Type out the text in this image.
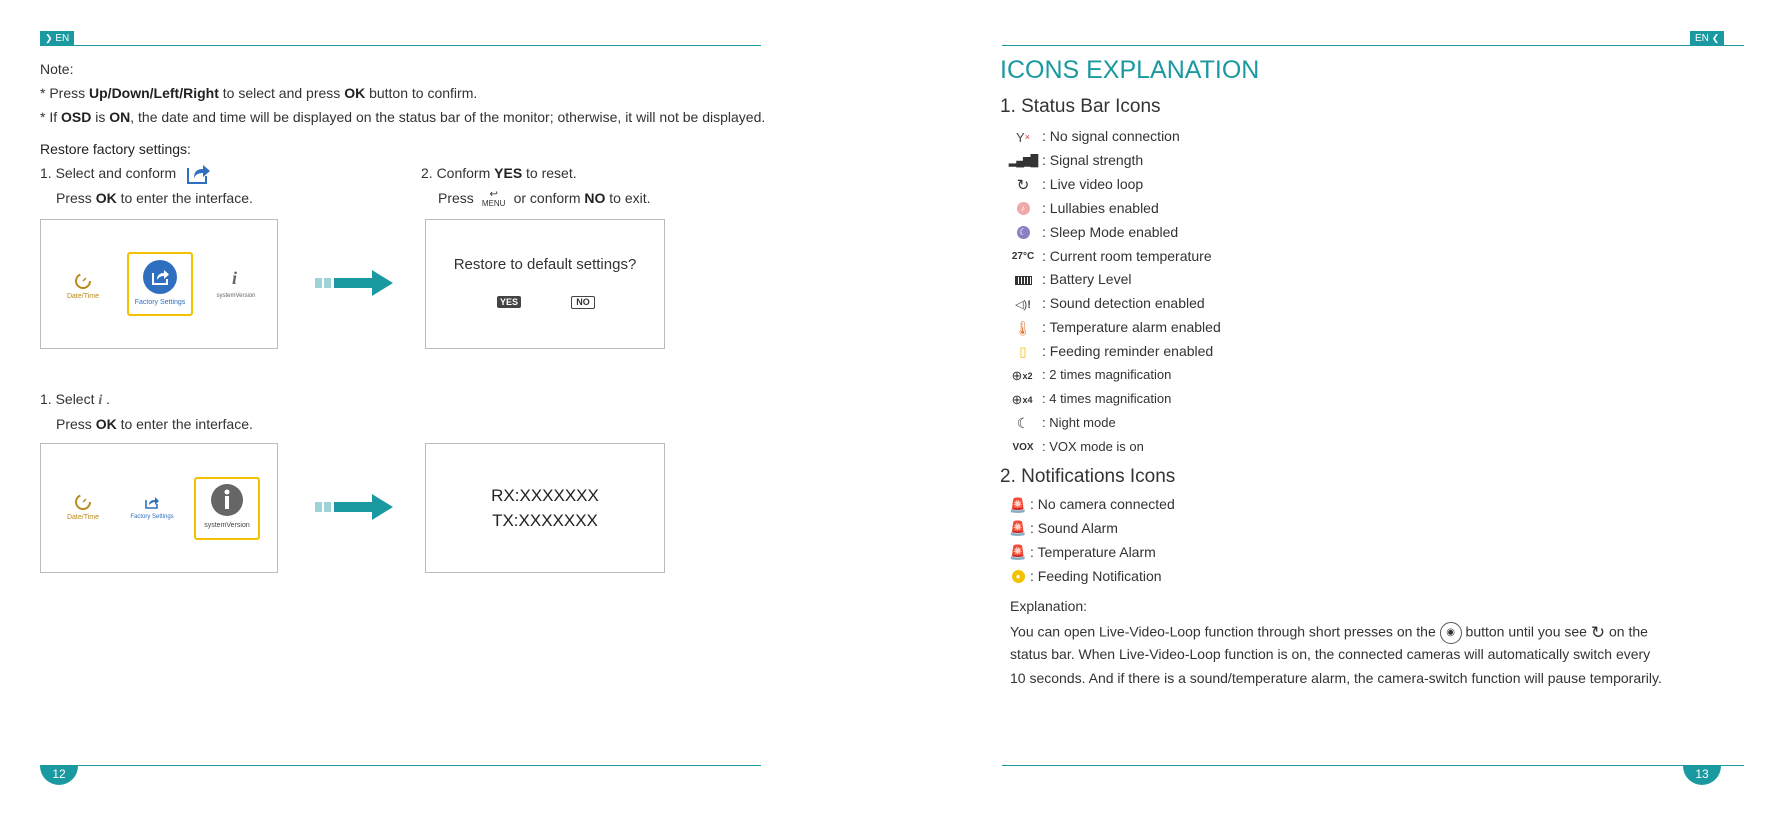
❯ EN
Note:
* Press Up/Down/Left/Right to select and press OK button to confirm.
* If OSD is ON, the date and time will be displayed on the status bar of the monitor; otherwise, it will not be displayed.
Restore factory settings:
1. Select and conform
Press OK to enter the interface.
2. Conform YES to reset.
Press	↩
MENU or conform NO to exit.
Date/Time
Factory Settings
i
systemVersion
Restore to default settings?
YES	NO
1. Select i .
Press OK to enter the interface.
Date/Time	Factory Settings
systemVersion
RX:XXXXXXX
TX:XXXXXXX
12
EN ❮
ICONS EXPLANATION
1. Status Bar Icons
Y × : No signal connection
▂▄▆█ : Signal strength
↻ : Live video loop
♪	: Lullabies enabled
☾ : Sleep Mode enabled
27°C : Current room temperature
: Battery Level
◁)! : Sound detection enabled
🌡 : Temperature alarm enabled
▯ : Feeding reminder enabled
⊕ x2 : 2 times magnification
⊕ x4 : 4 times magnification
☾ : Night mode
VOX : VOX mode is on
2. Notifications Icons
🚨 : No camera connected
🚨 : Sound Alarm
🚨 : Temperature Alarm
● : Feeding Notification
Explanation:
You can open Live-Video-Loop function through short presses on the ◉ button until you see ↻ on the
status bar. When Live-Video-Loop function is on, the connected cameras will automatically switch every
10 seconds. And if there is a sound/temperature alarm, the camera-switch function will pause temporarily.
13
